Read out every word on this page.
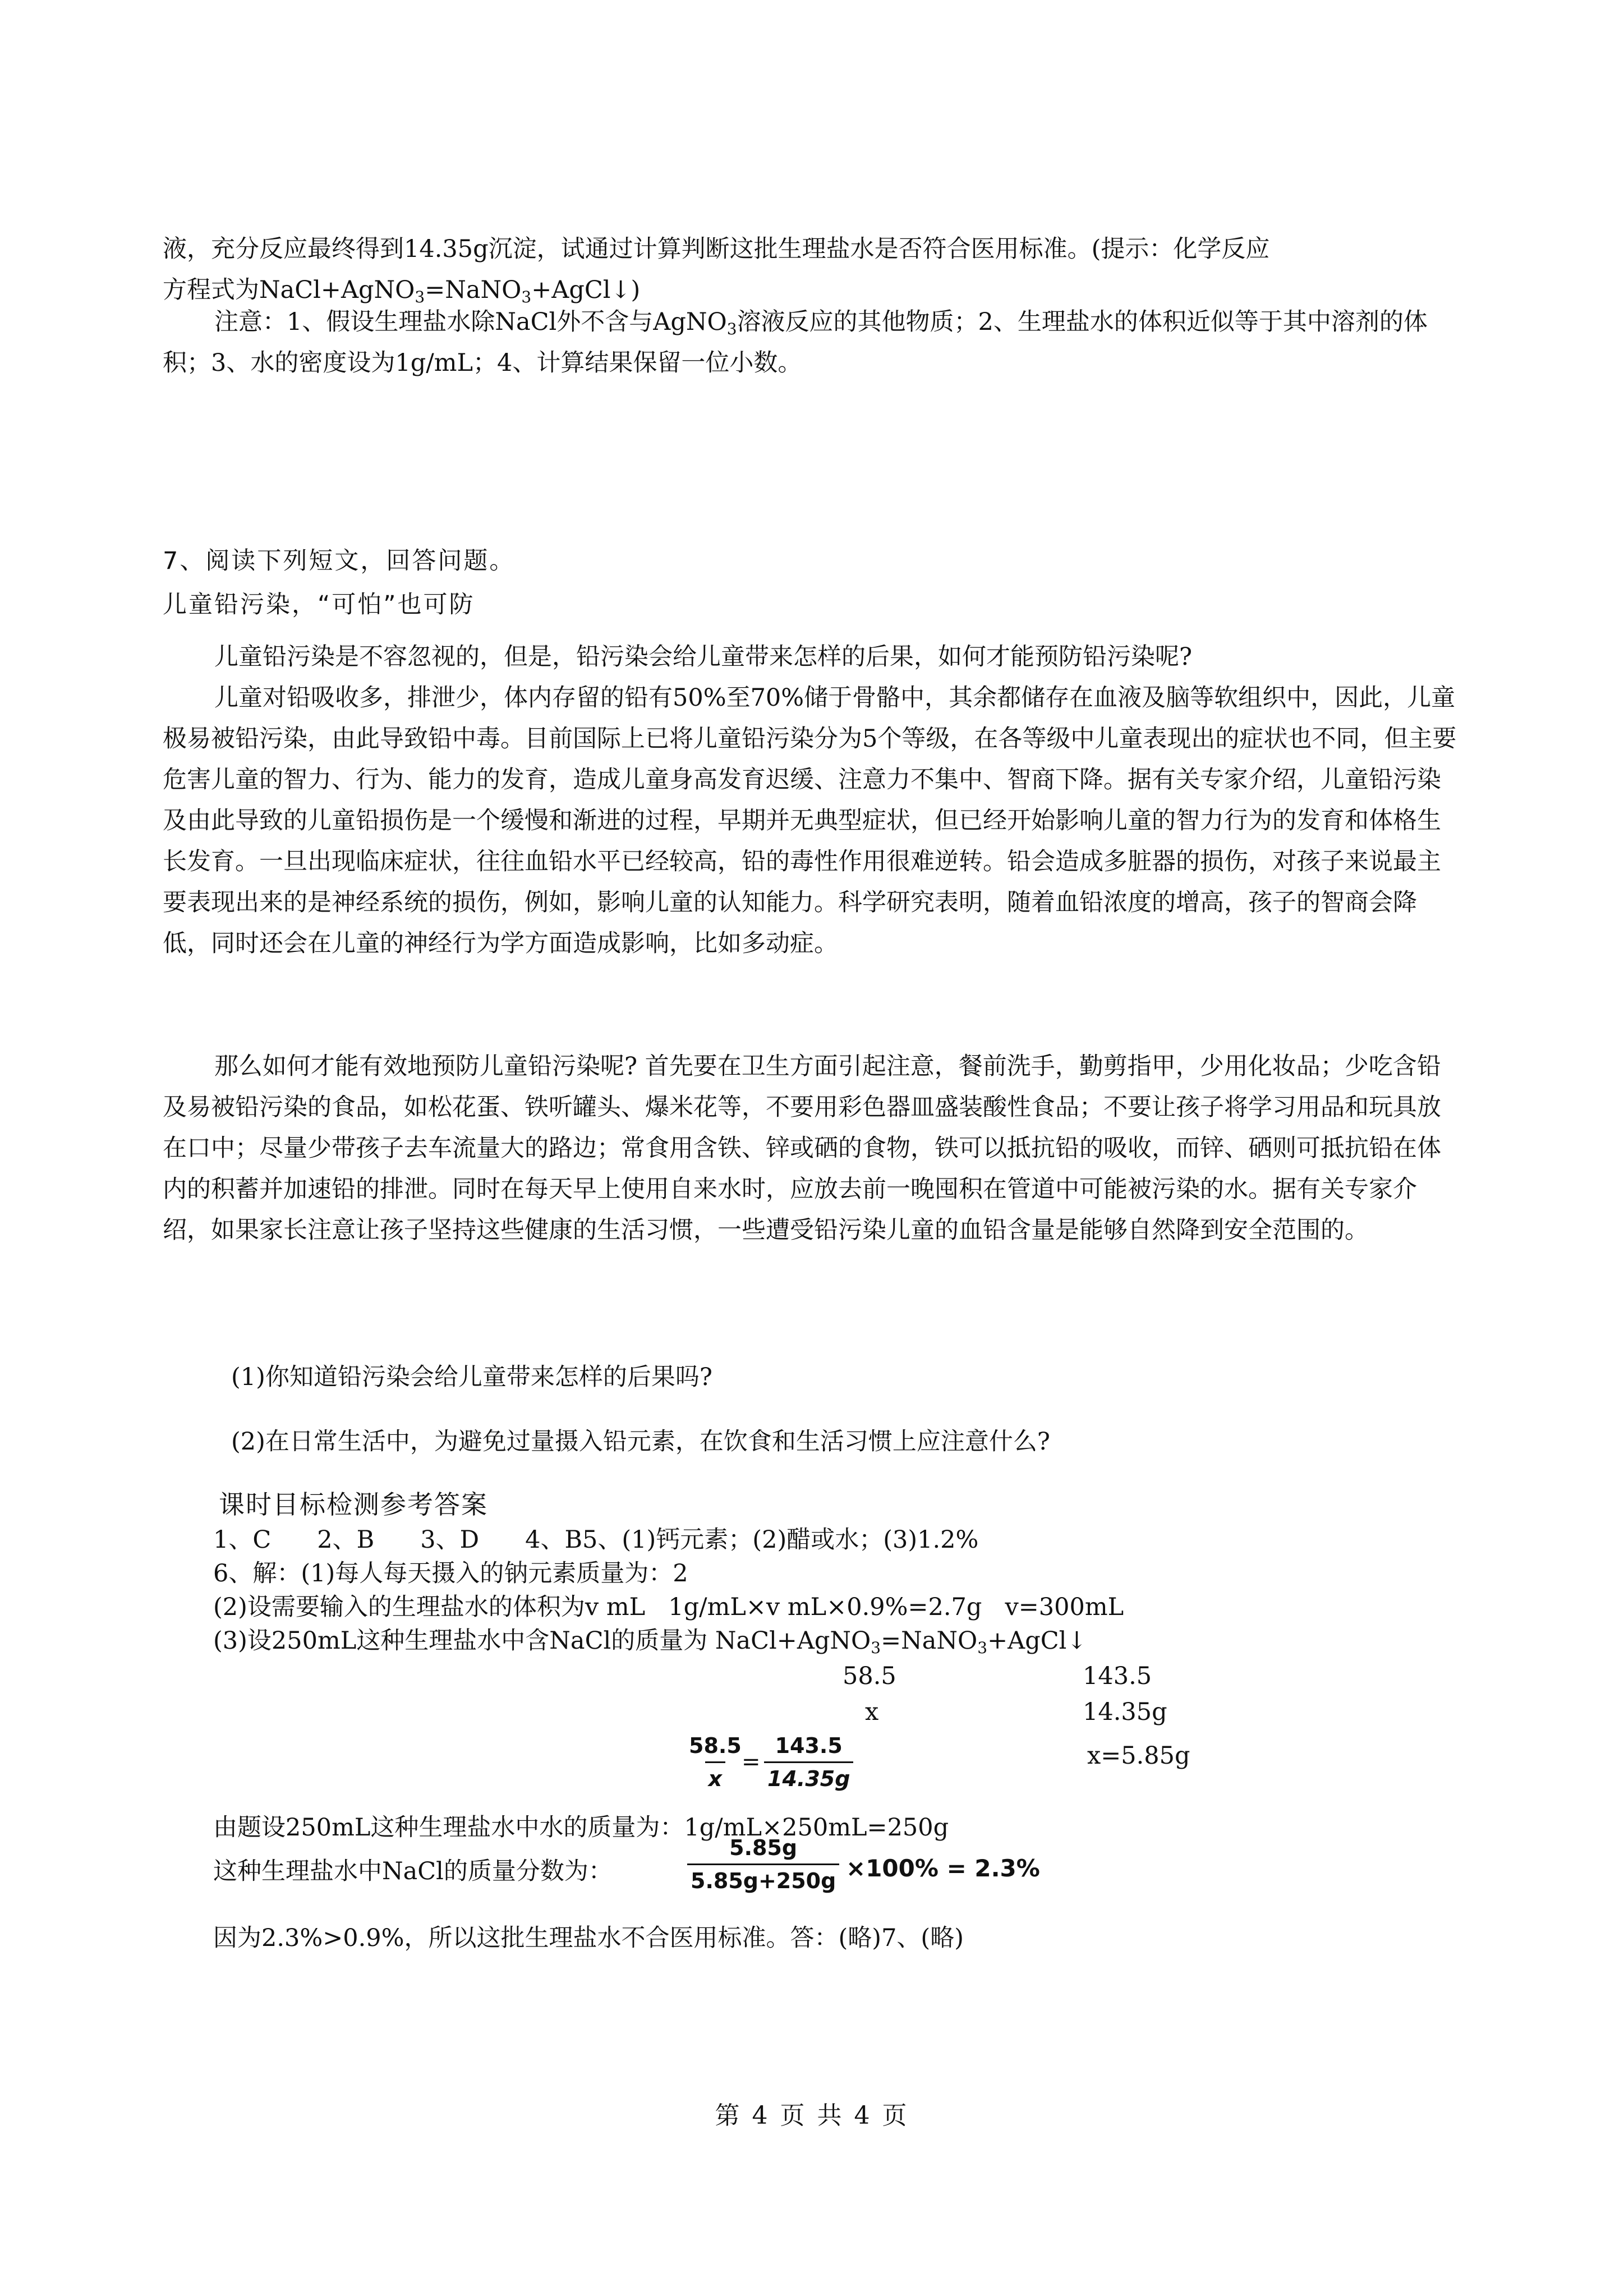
液，充分反应最终得到14.35g沉淀，试通过计算判断这批生理盐水是否符合医用标准。(提示：化学反应
方程式为NaCl+AgNO$_3$=NaNO$_3$+AgCl↓)

注意：1、假设生理盐水除NaCl外不含与AgNO$_3$溶液反应的其他物质；2、生理盐水的体积近似等于其中溶剂的体积；3、水的密度设为1g/mL；4、计算结果保留一位小数。

7、阅读下列短文，回答问题。

儿童铅污染，“可怕”也可防

儿童铅污染是不容忽视的，但是，铅污染会给儿童带来怎样的后果，如何才能预防铅污染呢?

儿童对铅吸收多，排泄少，体内存留的铅有50%至70%储于骨骼中，其余都储存在血液及脑等软组织中，因此，儿童极易被铅污染，由此导致铅中毒。目前国际上已将儿童铅污染分为5个等级，在各等级中儿童表现出的症状也不同，但主要危害儿童的智力、行为、能力的发育，造成儿童身高发育迟缓、注意力不集中、智商下降。据有关专家介绍，儿童铅污染及由此导致的儿童铅损伤是一个缓慢和渐进的过程，早期并无典型症状，但已经开始影响儿童的智力行为的发育和体格生长发育。一旦出现临床症状，往往血铅水平已经较高，铅的毒性作用很难逆转。铅会造成多脏器的损伤，对孩子来说最主要表现出来的是神经系统的损伤，例如，影响儿童的认知能力。科学研究表明，随着血铅浓度的增高，孩子的智商会降低，同时还会在儿童的神经行为学方面造成影响，比如多动症。

那么如何才能有效地预防儿童铅污染呢? 首先要在卫生方面引起注意，餐前洗手，勤剪指甲，少用化妆品；少吃含铅及易被铅污染的食品，如松花蛋、铁听罐头、爆米花等，不要用彩色器皿盛装酸性食品；不要让孩子将学习用品和玩具放在口中；尽量少带孩子去车流量大的路边；常食用含铁、锌或硒的食物，铁可以抵抗铅的吸收，而锌、硒则可抵抗铅在体内的积蓄并加速铅的排泄。同时在每天早上使用自来水时，应放去前一晚囤积在管道中可能被污染的水。据有关专家介绍，如果家长注意让孩子坚持这些健康的生活习惯，一些遭受铅污染儿童的血铅含量是能够自然降到安全范围的。

(1)你知道铅污染会给儿童带来怎样的后果吗?

(2)在日常生活中，为避免过量摄入铅元素，在饮食和生活习惯上应注意什么?

课时目标检测参考答案

1、C      2、B      3、D      4、B5、(1)钙元素；(2)醋或水；(3)1.2%

6、解：(1)每人每天摄入的钠元素质量为：2

(2)设需要输入的生理盐水的体积为v mL   1g/mL×v mL×0.9%=2.7g   v=300mL

(3)设250mL这种生理盐水中含NaCl的质量为 NaCl+AgNO$_3$=NaNO$_3$+AgCl↓

58.5	143.5
x	14.35g
$\frac{58.5}{x}$
= $\frac{143.5}{14.35g}$	x=5.85g

由题设250mL这种生理盐水中水的质量为：1g/mL×250mL=250g

这种生理盐水中NaCl的质量分数为：	$\frac{5.85g}{5.85g+250g} \times 100\% = 2.3\%$

因为2.3%>0.9%，所以这批生理盐水不合医用标准。答：(略)7、(略)

第 4 页 共 4 页
